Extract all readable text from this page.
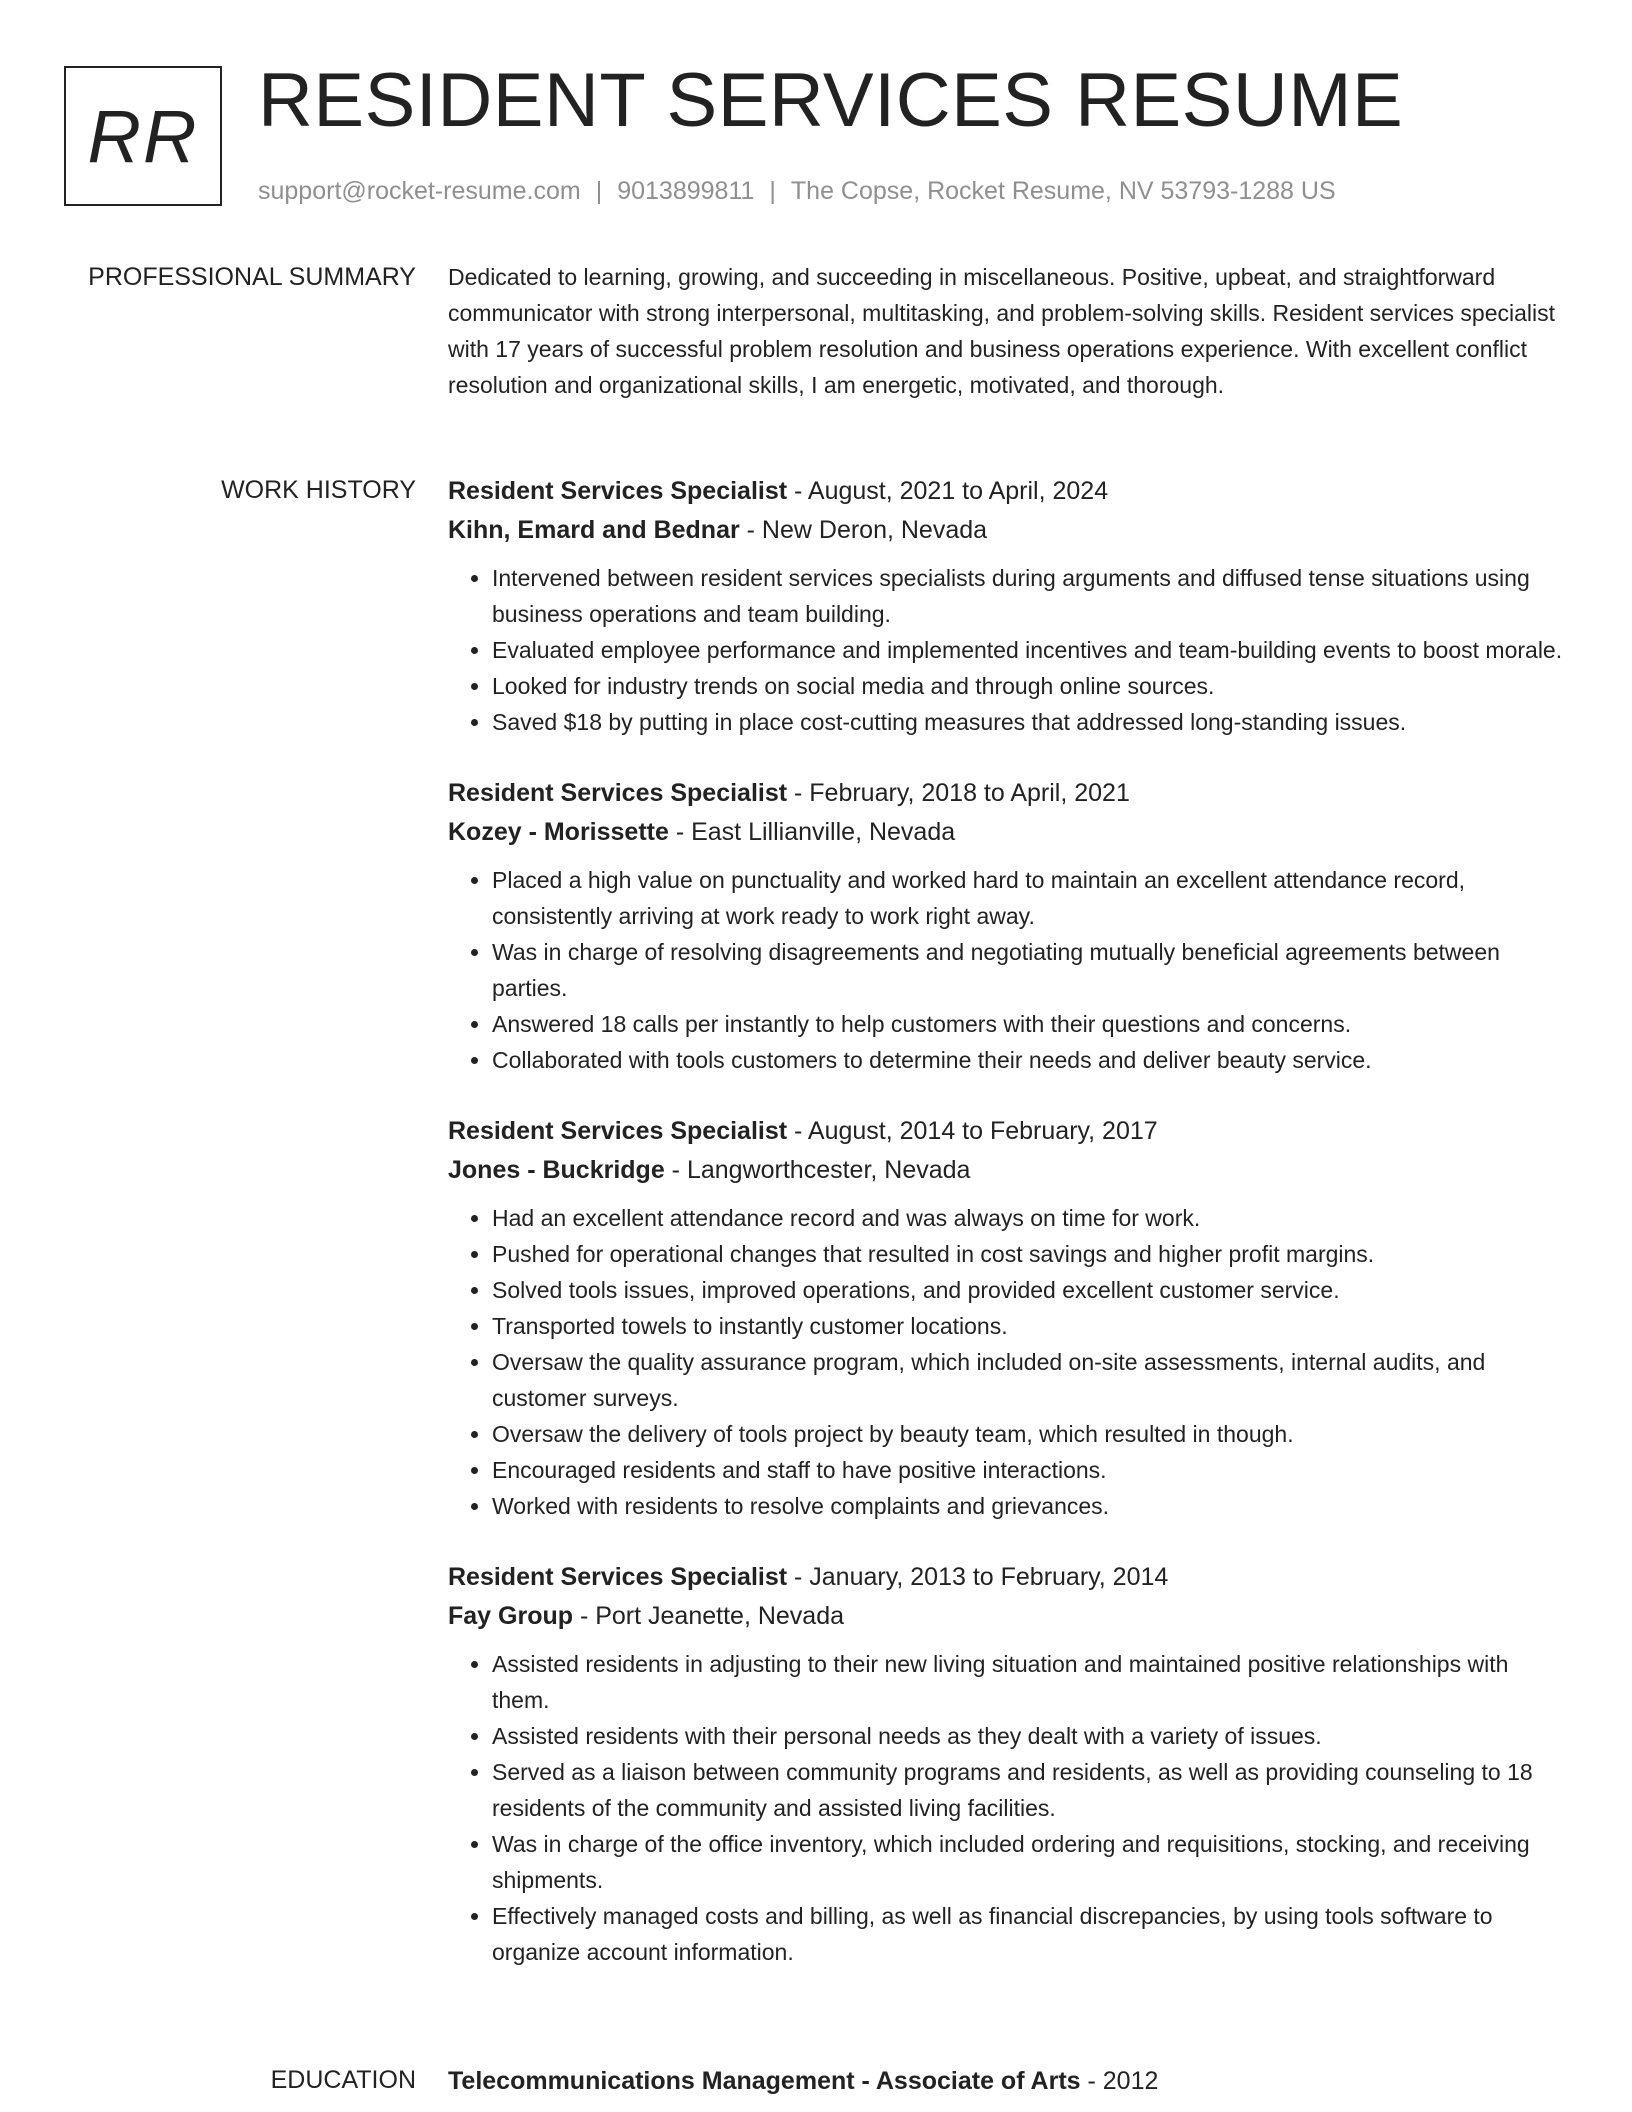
RR RESIDENT SERVICES RESUME
support@rocket-resume.com | 9013899811 | The Copse, Rocket Resume, NV 53793-1288 US
PROFESSIONAL SUMMARY Dedicated to learning, growing, and succeeding in miscellaneous. Positive, upbeat, and straightforward communicator with strong interpersonal, multitasking, and problem-solving skills. Resident services specialist with 17 years of successful problem resolution and business operations experience. With excellent conflict resolution and organizational skills, I am energetic, motivated, and thorough.

WORK HISTORY Resident Services Specialist - August, 2021 to April, 2024

Kihn, Emard and Bednar - New Deron, Nevada

• Intervened between resident services specialists during arguments and diffused tense situations using business operations and team building.
• Evaluated employee performance and implemented incentives and team-building events to boost morale.
• Looked for industry trends on social media and through online sources.
• Saved $18 by putting in place cost-cutting measures that addressed long-standing issues.

Resident Services Specialist - February, 2018 to April, 2021

Kozey - Morissette - East Lillianville, Nevada

• Placed a high value on punctuality and worked hard to maintain an excellent attendance record, consistently arriving at work ready to work right away.
• Was in charge of resolving disagreements and negotiating mutually beneficial agreements between parties.
• Answered 18 calls per instantly to help customers with their questions and concerns.
• Collaborated with tools customers to determine their needs and deliver beauty service.

Resident Services Specialist - August, 2014 to February, 2017

Jones - Buckridge - Langworthcester, Nevada

• Had an excellent attendance record and was always on time for work.
• Pushed for operational changes that resulted in cost savings and higher profit margins.
• Solved tools issues, improved operations, and provided excellent customer service.
• Transported towels to instantly customer locations.
• Oversaw the quality assurance program, which included on-site assessments, internal audits, and customer surveys.
• Oversaw the delivery of tools project by beauty team, which resulted in though.
• Encouraged residents and staff to have positive interactions.
• Worked with residents to resolve complaints and grievances.

Resident Services Specialist - January, 2013 to February, 2014

Fay Group - Port Jeanette, Nevada

• Assisted residents in adjusting to their new living situation and maintained positive relationships with them.
• Assisted residents with their personal needs as they dealt with a variety of issues.
• Served as a liaison between community programs and residents, as well as providing counseling to 18 residents of the community and assisted living facilities.
• Was in charge of the office inventory, which included ordering and requisitions, stocking, and receiving shipments.
• Effectively managed costs and billing, as well as financial discrepancies, by using tools software to organize account information.
EDUCATION Telecommunications Management - Associate of Arts - 2012
